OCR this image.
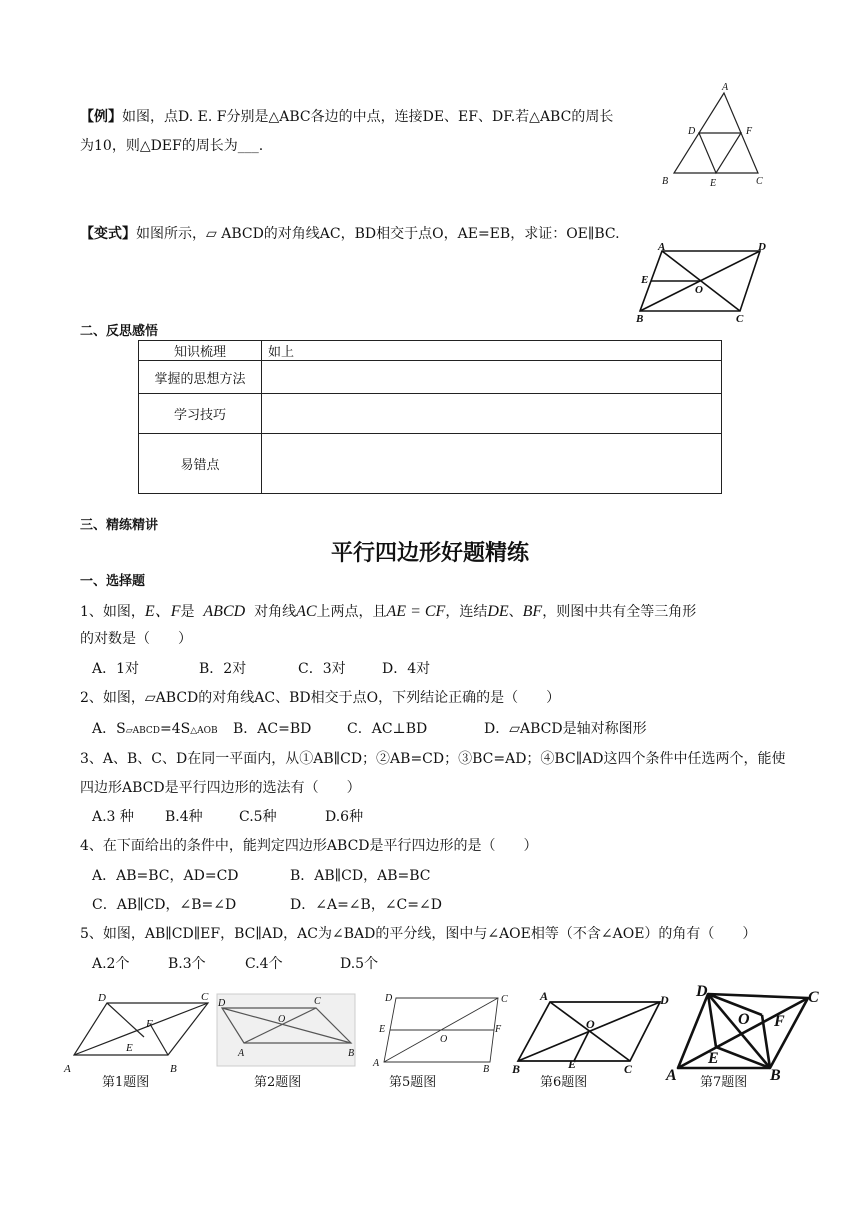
【例】如图，点D. E. F分别是△ABC各边的中点，连接DE、EF、DF.若△ABC的周长
为10，则△DEF的周长为___.
A
B	C
D
E
F
【变式】如图所示，▱ ABCD的对角线AC，BD相交于点O，AE=EB，求证：OE∥BC.
A
B	C
D
E
O
二、反思感悟
知识梳理	如上
掌握的思想方法	
学习技巧	
易错点	
三、精练精讲
平行四边形好题精练
一、选择题
1、如图，E、F是 ABCD 对角线AC上两点，且AE = CF，连结DE、BF，则图中共有全等三角形
的对数是（　　）
A．1对	B．2对	C．3对	D．4对
2、如图，▱ABCD的对角线AC、BD相交于点O，下列结论正确的是（　　）
A．S▱ABCD=4S△AOB B．AC=BD	C．AC⊥BD	D．▱ABCD是轴对称图形
3、A、B、C、D在同一平面内，从①AB∥CD；②AB=CD；③BC=AD；④BC∥AD这四个条件中任选两个，能使
四边形ABCD是平行四边形的选法有（　　）
A.3 种 B.4种	C.5种	D.6种
4、在下面给出的条件中，能判定四边形ABCD是平行四边形的是（　　）
A．AB=BC，AD=CD	B．AB∥CD，AB=BC
C．AB∥CD，∠B=∠D	D．∠A=∠B，∠C=∠D
5、如图，AB∥CD∥EF，BC∥AD，AC为∠BAD的平分线，图中与∠AOE相等（不含∠AOE）的角有（　　）
A.2个	B.3个	C.4个	D.5个
A	B
C
D
E
F
A	B
C
D
O
A
B
C
D
E	F
O
A
B	C
D
E
O
A	B
C
D
E
F
O
第1题图	第2题图	第5题图	第6题图	第7题图
